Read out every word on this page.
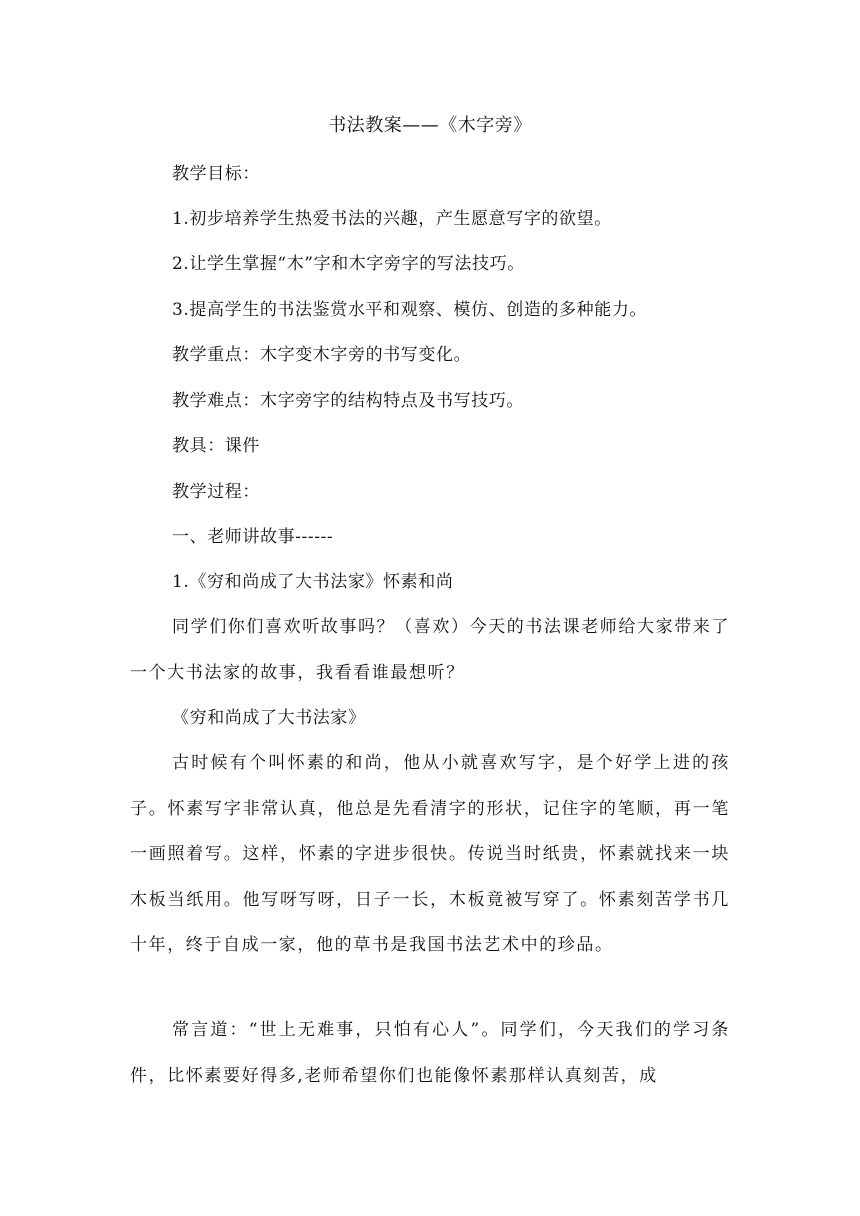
书法教案——《木字旁》
教学目标：
1.初步培养学生热爱书法的兴趣，产生愿意写字的欲望。
2.让学生掌握“木”字和木字旁字的写法技巧。
3.提高学生的书法鉴赏水平和观察、模仿、创造的多种能力。
教学重点：木字变木字旁的书写变化。
教学难点：木字旁字的结构特点及书写技巧。
教具：课件
教学过程：
一、老师讲故事------
1.《穷和尚成了大书法家》怀素和尚
同学们你们喜欢听故事吗？（喜欢）今天的书法课老师给大家带来了一个大书法家的故事，我看看谁最想听？
《穷和尚成了大书法家》
古时候有个叫怀素的和尚，他从小就喜欢写字，是个好学上进的孩子。怀素写字非常认真，他总是先看清字的形状，记住字的笔顺，再一笔一画照着写。这样，怀素的字进步很快。传说当时纸贵，怀素就找来一块木板当纸用。他写呀写呀，日子一长，木板竟被写穿了。怀素刻苦学书几十年，终于自成一家，他的草书是我国书法艺术中的珍品。
常言道：“世上无难事，只怕有心人”。同学们，今天我们的学习条件，比怀素要好得多,老师希望你们也能像怀素那样认真刻苦，成
